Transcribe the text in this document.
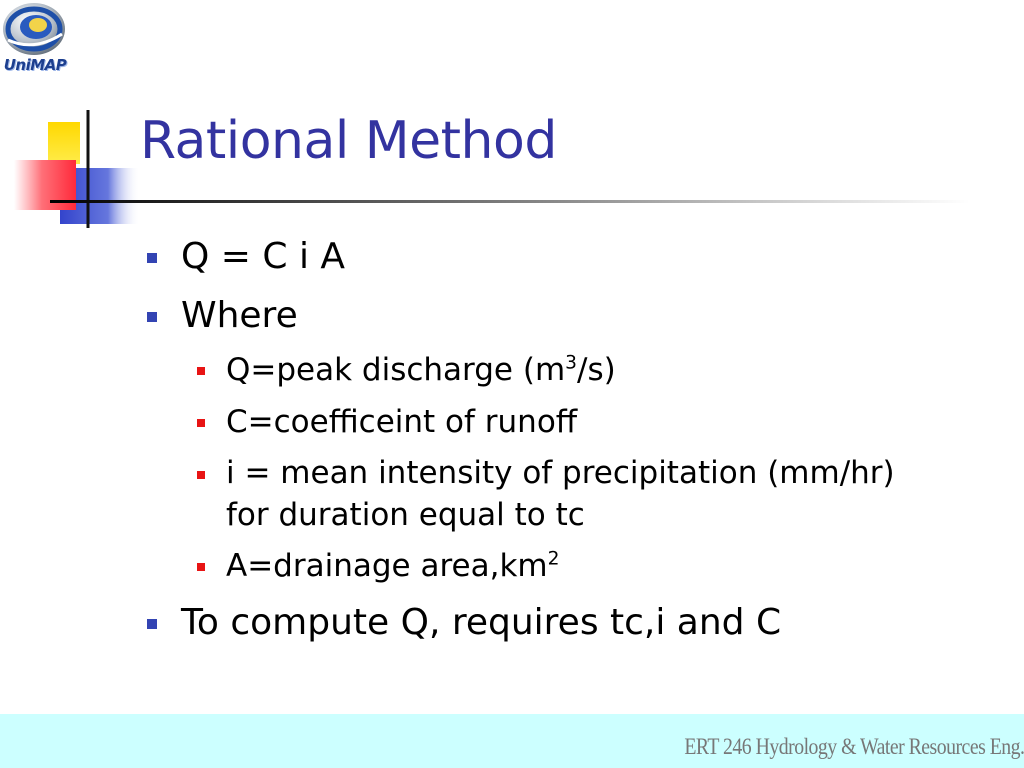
UniMAP
Rational Method
Q = C i A
Where
Q=peak discharge $(m^3/s)$
C=coefficeint of runoff
i = mean intensity of precipitation (mm/hr)
for duration equal to tc
A=drainage $area,km^2$
To compute Q, requires tc,i and C
ERT 246 Hydrology & Water Resources Eng.
